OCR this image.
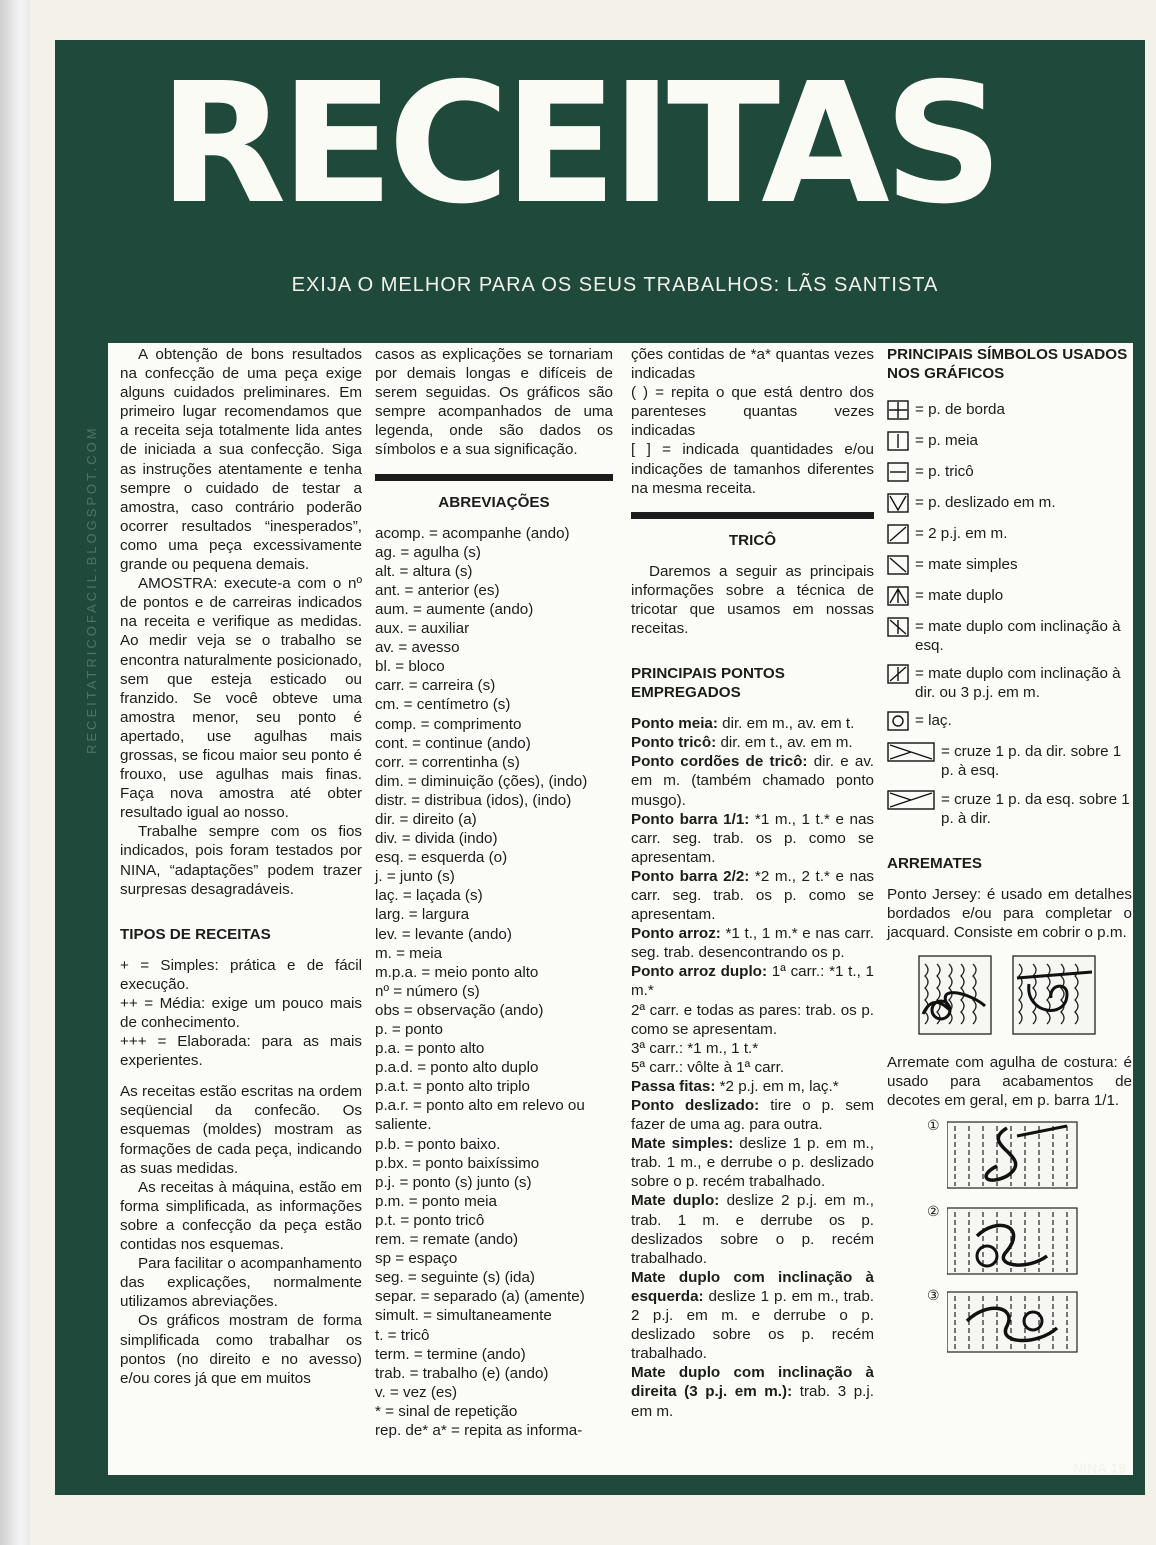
RECEITAS
EXIJA O MELHOR PARA OS SEUS TRABALHOS: LÃS SANTISTA
RECEITATRICOFACIL.BLOGSPOT.COM

A obtenção de bons resultados na confecção de uma peça exige alguns cuidados preliminares. Em primeiro lugar recomendamos que a receita seja totalmente lida antes de iniciada a sua confecção. Siga as instruções atentamente e tenha sempre o cuidado de testar a amostra, caso contrário poderão ocorrer resultados “inesperados”, como uma peça excessivamente grande ou pequena demais.

AMOSTRA: execute-a com o nº de pontos e de carreiras indicados na receita e verifique as medidas. Ao medir veja se o trabalho se encontra naturalmente posicionado, sem que esteja esticado ou franzido. Se você obteve uma amostra menor, seu ponto é apertado, use agulhas mais grossas, se ficou maior seu ponto é frouxo, use agulhas mais finas. Faça nova amostra até obter resultado igual ao nosso.

Trabalhe sempre com os fios indicados, pois foram testados por NINA, “adaptações” podem trazer surpresas desagradáveis.

TIPOS DE RECEITAS

+ = Simples: prática e de fácil execução.

++ = Média: exige um pouco mais de conhecimento.

+++ = Elaborada: para as mais experientes.

As receitas estão escritas na ordem seqüencial da confecão. Os esquemas (moldes) mostram as formações de cada peça, indicando as suas medidas.

As receitas à máquina, estão em forma simplificada, as informações sobre a confecção da peça estão contidas nos esquemas.

Para facilitar o acompanhamento das explicações, normalmente utilizamos abreviações.

Os gráficos mostram de forma simplificada como trabalhar os pontos (no direito e no avesso) e/ou cores já que em muitos

casos as explicações se tornariam por demais longas e difíceis de serem seguidas. Os gráficos são sempre acompanhados de uma legenda, onde são dados os símbolos e a sua significação.

ABREVIAÇÕES
acomp. = acompanhe (ando)
ag. = agulha (s)
alt. = altura (s)
ant. = anterior (es)
aum. = aumente (ando)
aux. = auxiliar
av. = avesso
bl. = bloco
carr. = carreira (s)
cm. = centímetro (s)
comp. = comprimento
cont. = continue (ando)
corr. = correntinha (s)
dim. = diminuição (ções), (indo)
distr. = distribua (idos), (indo)
dir. = direito (a)
div. = divida (indo)
esq. = esquerda (o)
j. = junto (s)
laç. = laçada (s)
larg. = largura
lev. = levante (ando)
m. = meia
m.p.a. = meio ponto alto
nº = número (s)
obs = observação (ando)
p. = ponto
p.a. = ponto alto
p.a.d. = ponto alto duplo
p.a.t. = ponto alto triplo
p.a.r. = ponto alto em relevo ou saliente.
p.b. = ponto baixo.
p.bx. = ponto baixíssimo
p.j. = ponto (s) junto (s)
p.m. = ponto meia
p.t. = ponto tricô
rem. = remate (ando)
sp = espaço
seg. = seguinte (s) (ida)
separ. = separado (a) (amente)
simult. = simultaneamente
t. = tricô
term. = termine (ando)
trab. = trabalho (e) (ando)
v. = vez (es)
* = sinal de repetição
rep. de* a* = repita as informa-

ções contidas de *a* quantas vezes indicadas

( ) = repita o que está dentro dos parenteses quantas vezes indicadas

[ ] = indicada quantidades e/ou indicações de tamanhos diferentes na mesma receita.

TRICÔ

Daremos a seguir as principais informações sobre a técnica de tricotar que usamos em nossas receitas.

PRINCIPAIS PONTOS EMPREGADOS

Ponto meia: dir. em m., av. em t.

Ponto tricô: dir. em t., av. em m.

Ponto cordões de tricô: dir. e av. em m. (também chamado ponto musgo).

Ponto barra 1/1: *1 m., 1 t.* e nas carr. seg. trab. os p. como se apresentam.

Ponto barra 2/2: *2 m., 2 t.* e nas carr. seg. trab. os p. como se apresentam.

Ponto arroz: *1 t., 1 m.* e nas carr. seg. trab. desencontrando os p.

Ponto arroz duplo: 1ª carr.: *1 t., 1 m.*

2ª carr. e todas as pares: trab. os p. como se apresentam.

3ª carr.: *1 m., 1 t.*

5ª carr.: vôlte à 1ª carr.

Passa fitas: *2 p.j. em m, laç.*

Ponto deslizado: tire o p. sem fazer de uma ag. para outra.

Mate simples: deslize 1 p. em m., trab. 1 m., e derrube o p. deslizado sobre o p. recém trabalhado.

Mate duplo: deslize 2 p.j. em m., trab. 1 m. e derrube os p. deslizados sobre o p. recém trabalhado.

Mate duplo com inclinação à esquerda: deslize 1 p. em m., trab. 2 p.j. em m. e derrube o p. deslizado sobre os p. recém trabalhado.

Mate duplo com inclinação à direita (3 p.j. em m.): trab. 3 p.j. em m.

PRINCIPAIS SÍMBOLOS USADOS NOS GRÁFICOS
= p. de borda
= p. meia
= p. tricô
= p. deslizado em m.
= 2 p.j. em m.
= mate simples
= mate duplo
= mate duplo com inclinação à esq.
= mate duplo com inclinação à dir. ou 3 p.j. em m.
= laç.
= cruze 1 p. da dir. sobre 1 p. à esq.
= cruze 1 p. da esq. sobre 1 p. à dir.
ARREMATES

Ponto Jersey: é usado em detalhes bordados e/ou para completar o jacquard. Consiste em cobrir o p.m.

Arremate com agulha de costura: é usado para acabamentos de decotes em geral, em p. barra 1/1.

①
②
③
NINA 19
